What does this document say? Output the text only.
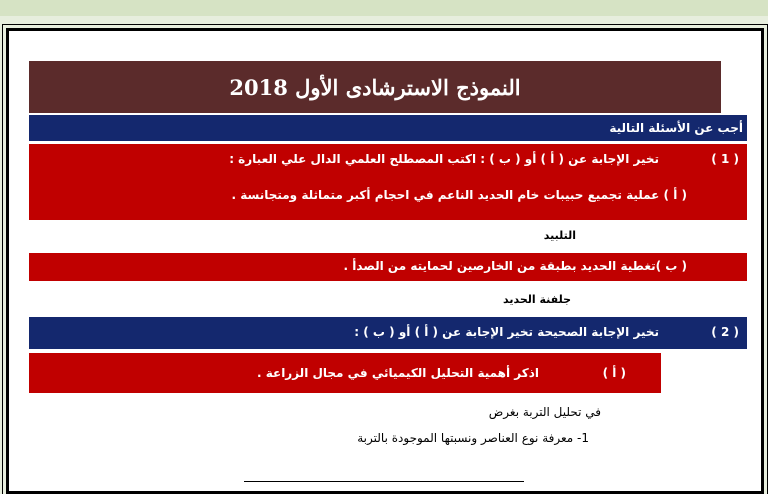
النموذج الاسترشادى الأول 2018
أجب عن الأسئلة التالية
( 1 )
تخير الإجابة عن ( أ ) أو ( ب ) : اكتب المصطلح العلمي الدال علي العبارة :
( أ ) عملية تجميع حبيبات خام الحديد الناعم في احجام أكبر متماثلة ومتجانسة .
التلبيد
( ب )تغطية الحديد بطبقة من الخارصين لحمايته من الصدأ .
جلفنة الحديد
( 2 )
تخير الإجابة الصحيحة تخير الإجابة عن ( أ ) أو ( ب ) :
( أ )
اذكر أهمية التحليل الكيميائي في مجال الزراعة .
في تحليل التربة بغرض
1- معرفة نوع العناصر ونسبتها الموجودة بالتربة
